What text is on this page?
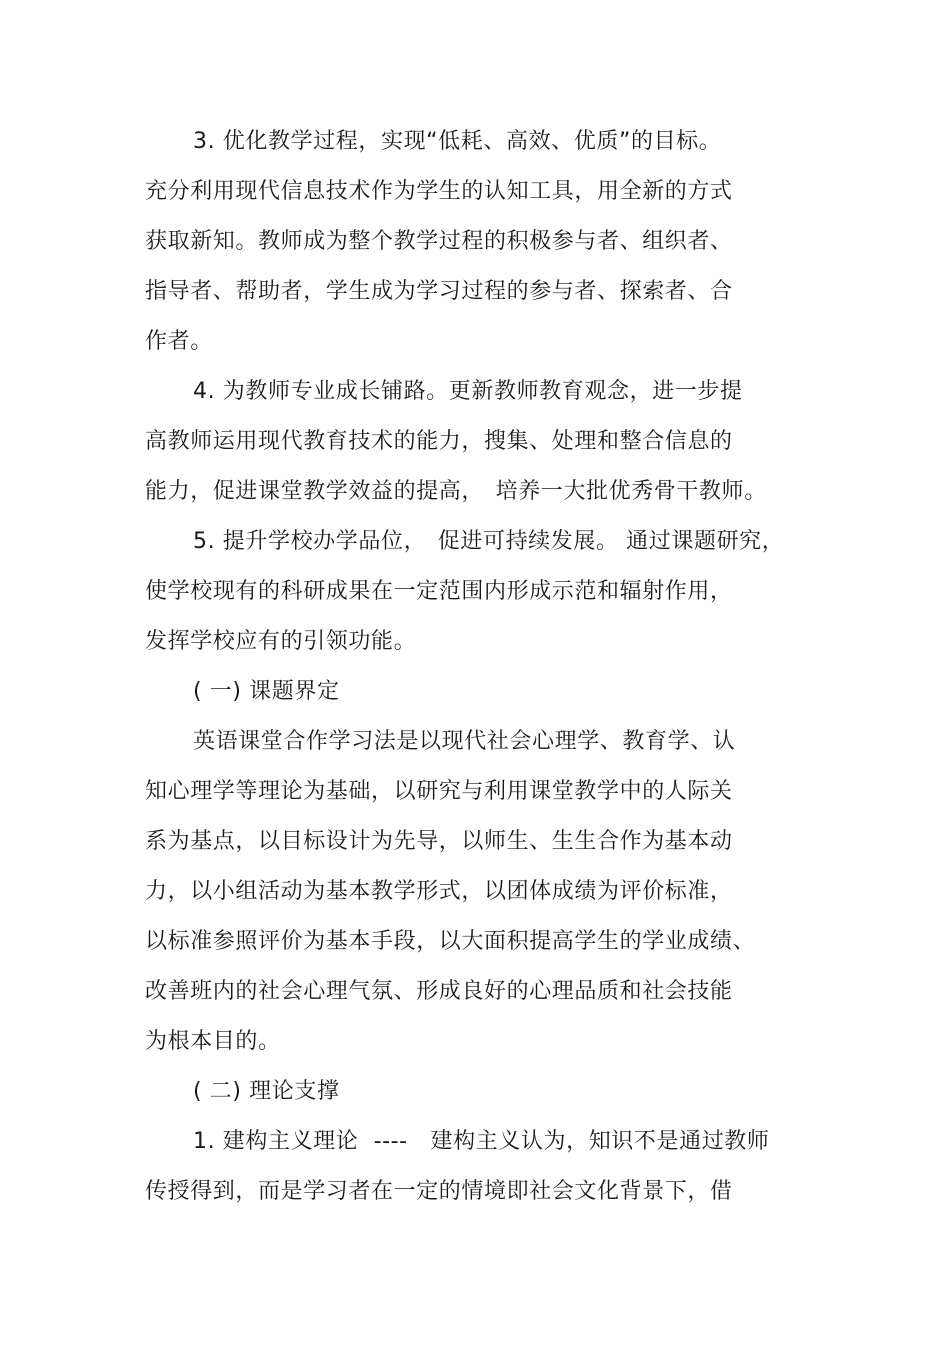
3. 优化教学过程，实现“低耗、高效、优质”的目标。
充分利用现代信息技术作为学生的认知工具，用全新的方式
获取新知。教师成为整个教学过程的积极参与者、组织者、
指导者、帮助者，学生成为学习过程的参与者、探索者、合
作者。
4. 为教师专业成长铺路。更新教师教育观念，进一步提
高教师运用现代教育技术的能力，搜集、处理和整合信息的
能力，促进课堂教学效益的提高，　培养一大批优秀骨干教师。
5. 提升学校办学品位，　促进可持续发展。 通过课题研究，
使学校现有的科研成果在一定范围内形成示范和辐射作用，
发挥学校应有的引领功能。
( 一) 课题界定
英语课堂合作学习法是以现代社会心理学、教育学、认
知心理学等理论为基础，以研究与利用课堂教学中的人际关
系为基点，以目标设计为先导，以师生、生生合作为基本动
力，以小组活动为基本教学形式，以团体成绩为评价标准，
以标准参照评价为基本手段，以大面积提高学生的学业成绩、
改善班内的社会心理气氛、形成良好的心理品质和社会技能
为根本目的。
( 二) 理论支撑
1. 建构主义理论  ----   建构主义认为，知识不是通过教师
传授得到，而是学习者在一定的情境即社会文化背景下，借
